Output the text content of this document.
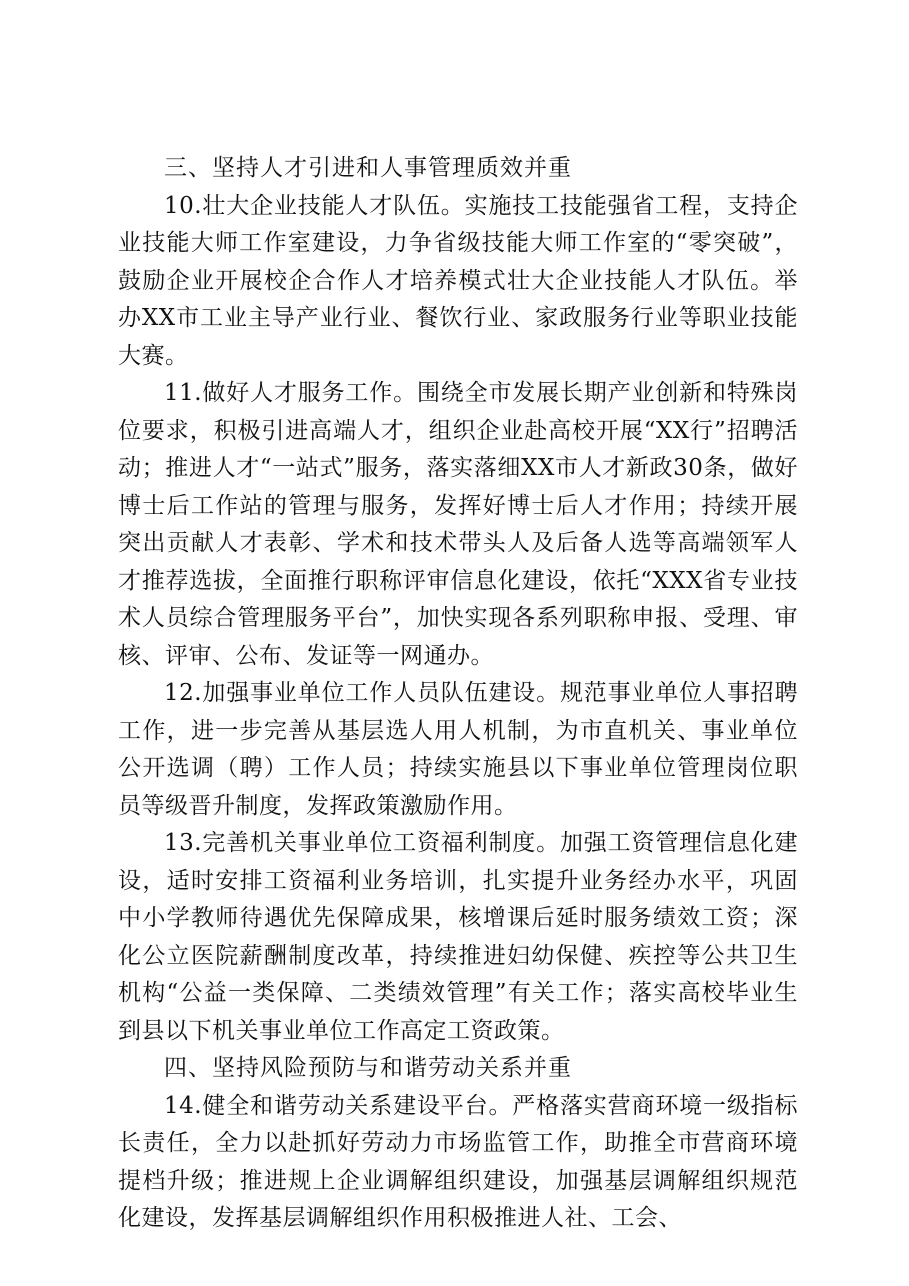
三、坚持人才引进和人事管理质效并重

10.壮大企业技能人才队伍。实施技工技能强省工程，支持企业技能大师工作室建设，力争省级技能大师工作室的“零突破”，鼓励企业开展校企合作人才培养模式壮大企业技能人才队伍。举办XX市工业主导产业行业、餐饮行业、家政服务行业等职业技能大赛。

11.做好人才服务工作。围绕全市发展长期产业创新和特殊岗位要求，积极引进高端人才，组织企业赴高校开展“XX行”招聘活动；推进人才“一站式”服务，落实落细XX市人才新政30条，做好博士后工作站的管理与服务，发挥好博士后人才作用；持续开展突出贡献人才表彰、学术和技术带头人及后备人选等高端领军人才推荐选拔，全面推行职称评审信息化建设，依托“XXX省专业技术人员综合管理服务平台”，加快实现各系列职称申报、受理、审核、评审、公布、发证等一网通办。

12.加强事业单位工作人员队伍建设。规范事业单位人事招聘工作，进一步完善从基层选人用人机制，为市直机关、事业单位公开选调（聘）工作人员；持续实施县以下事业单位管理岗位职员等级晋升制度，发挥政策激励作用。

13.完善机关事业单位工资福利制度。加强工资管理信息化建设，适时安排工资福利业务培训，扎实提升业务经办水平，巩固中小学教师待遇优先保障成果，核增课后延时服务绩效工资；深化公立医院薪酬制度改革，持续推进妇幼保健、疾控等公共卫生机构“公益一类保障、二类绩效管理”有关工作；落实高校毕业生到县以下机关事业单位工作高定工资政策。

四、坚持风险预防与和谐劳动关系并重

14.健全和谐劳动关系建设平台。严格落实营商环境一级指标长责任，全力以赴抓好劳动力市场监管工作，助推全市营商环境提档升级；推进规上企业调解组织建设，加强基层调解组织规范化建设，发挥基层调解组织作用积极推进人社、工会、
